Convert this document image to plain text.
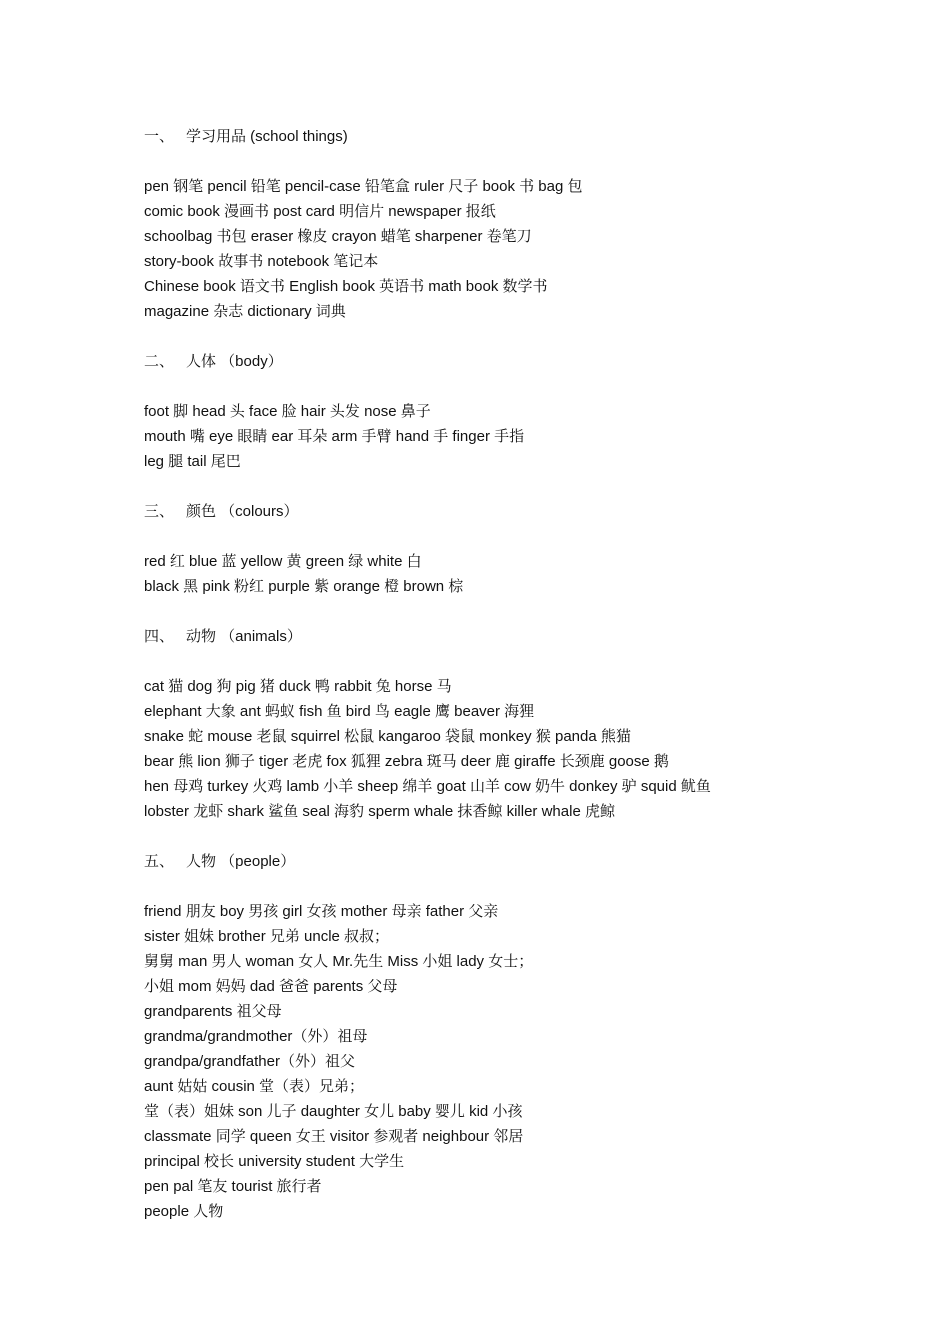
一、 学习用品 (school things)
pen 钢笔 pencil 铅笔 pencil-case 铅笔盒 ruler 尺子 book 书 bag 包
comic book 漫画书 post card 明信片 newspaper 报纸
schoolbag 书包 eraser 橡皮 crayon 蜡笔 sharpener 卷笔刀
story-book 故事书 notebook 笔记本
Chinese book 语文书 English book 英语书 math book 数学书
magazine 杂志 dictionary 词典
二、 人体 （body）
foot 脚 head 头 face 脸 hair 头发 nose 鼻子
mouth 嘴 eye 眼睛 ear 耳朵 arm 手臂 hand 手 finger 手指
leg 腿 tail 尾巴
三、 颜色 （colours）
red 红 blue 蓝 yellow 黄 green 绿 white 白
black 黑 pink 粉红 purple 紫 orange 橙 brown 棕
四、 动物 （animals）
cat 猫 dog 狗 pig 猪 duck 鸭 rabbit 兔 horse 马
elephant 大象 ant 蚂蚁 fish 鱼 bird 鸟 eagle 鹰 beaver 海狸
snake 蛇 mouse 老鼠 squirrel 松鼠 kangaroo 袋鼠 monkey 猴 panda 熊猫
bear 熊 lion 狮子 tiger 老虎 fox 狐狸 zebra 斑马 deer 鹿 giraffe 长颈鹿 goose 鹅
hen 母鸡 turkey 火鸡 lamb 小羊 sheep 绵羊 goat 山羊 cow 奶牛 donkey 驴 squid 鱿鱼
lobster 龙虾 shark 鲨鱼 seal 海豹 sperm whale 抹香鲸 killer whale 虎鲸
五、 人物 （people）
friend 朋友 boy 男孩 girl 女孩 mother 母亲 father 父亲
sister 姐妹 brother 兄弟 uncle 叔叔；
舅舅 man 男人 woman 女人 Mr.先生 Miss 小姐 lady 女士；
小姐 mom 妈妈 dad 爸爸 parents 父母
grandparents 祖父母
grandma/grandmother（外）祖母
grandpa/grandfather（外）祖父
aunt 姑姑 cousin 堂（表）兄弟；
堂（表）姐妹 son 儿子 daughter 女儿 baby 婴儿 kid 小孩
classmate 同学 queen 女王 visitor 参观者 neighbour 邻居
principal 校长 university student 大学生
pen pal 笔友 tourist 旅行者
people 人物
